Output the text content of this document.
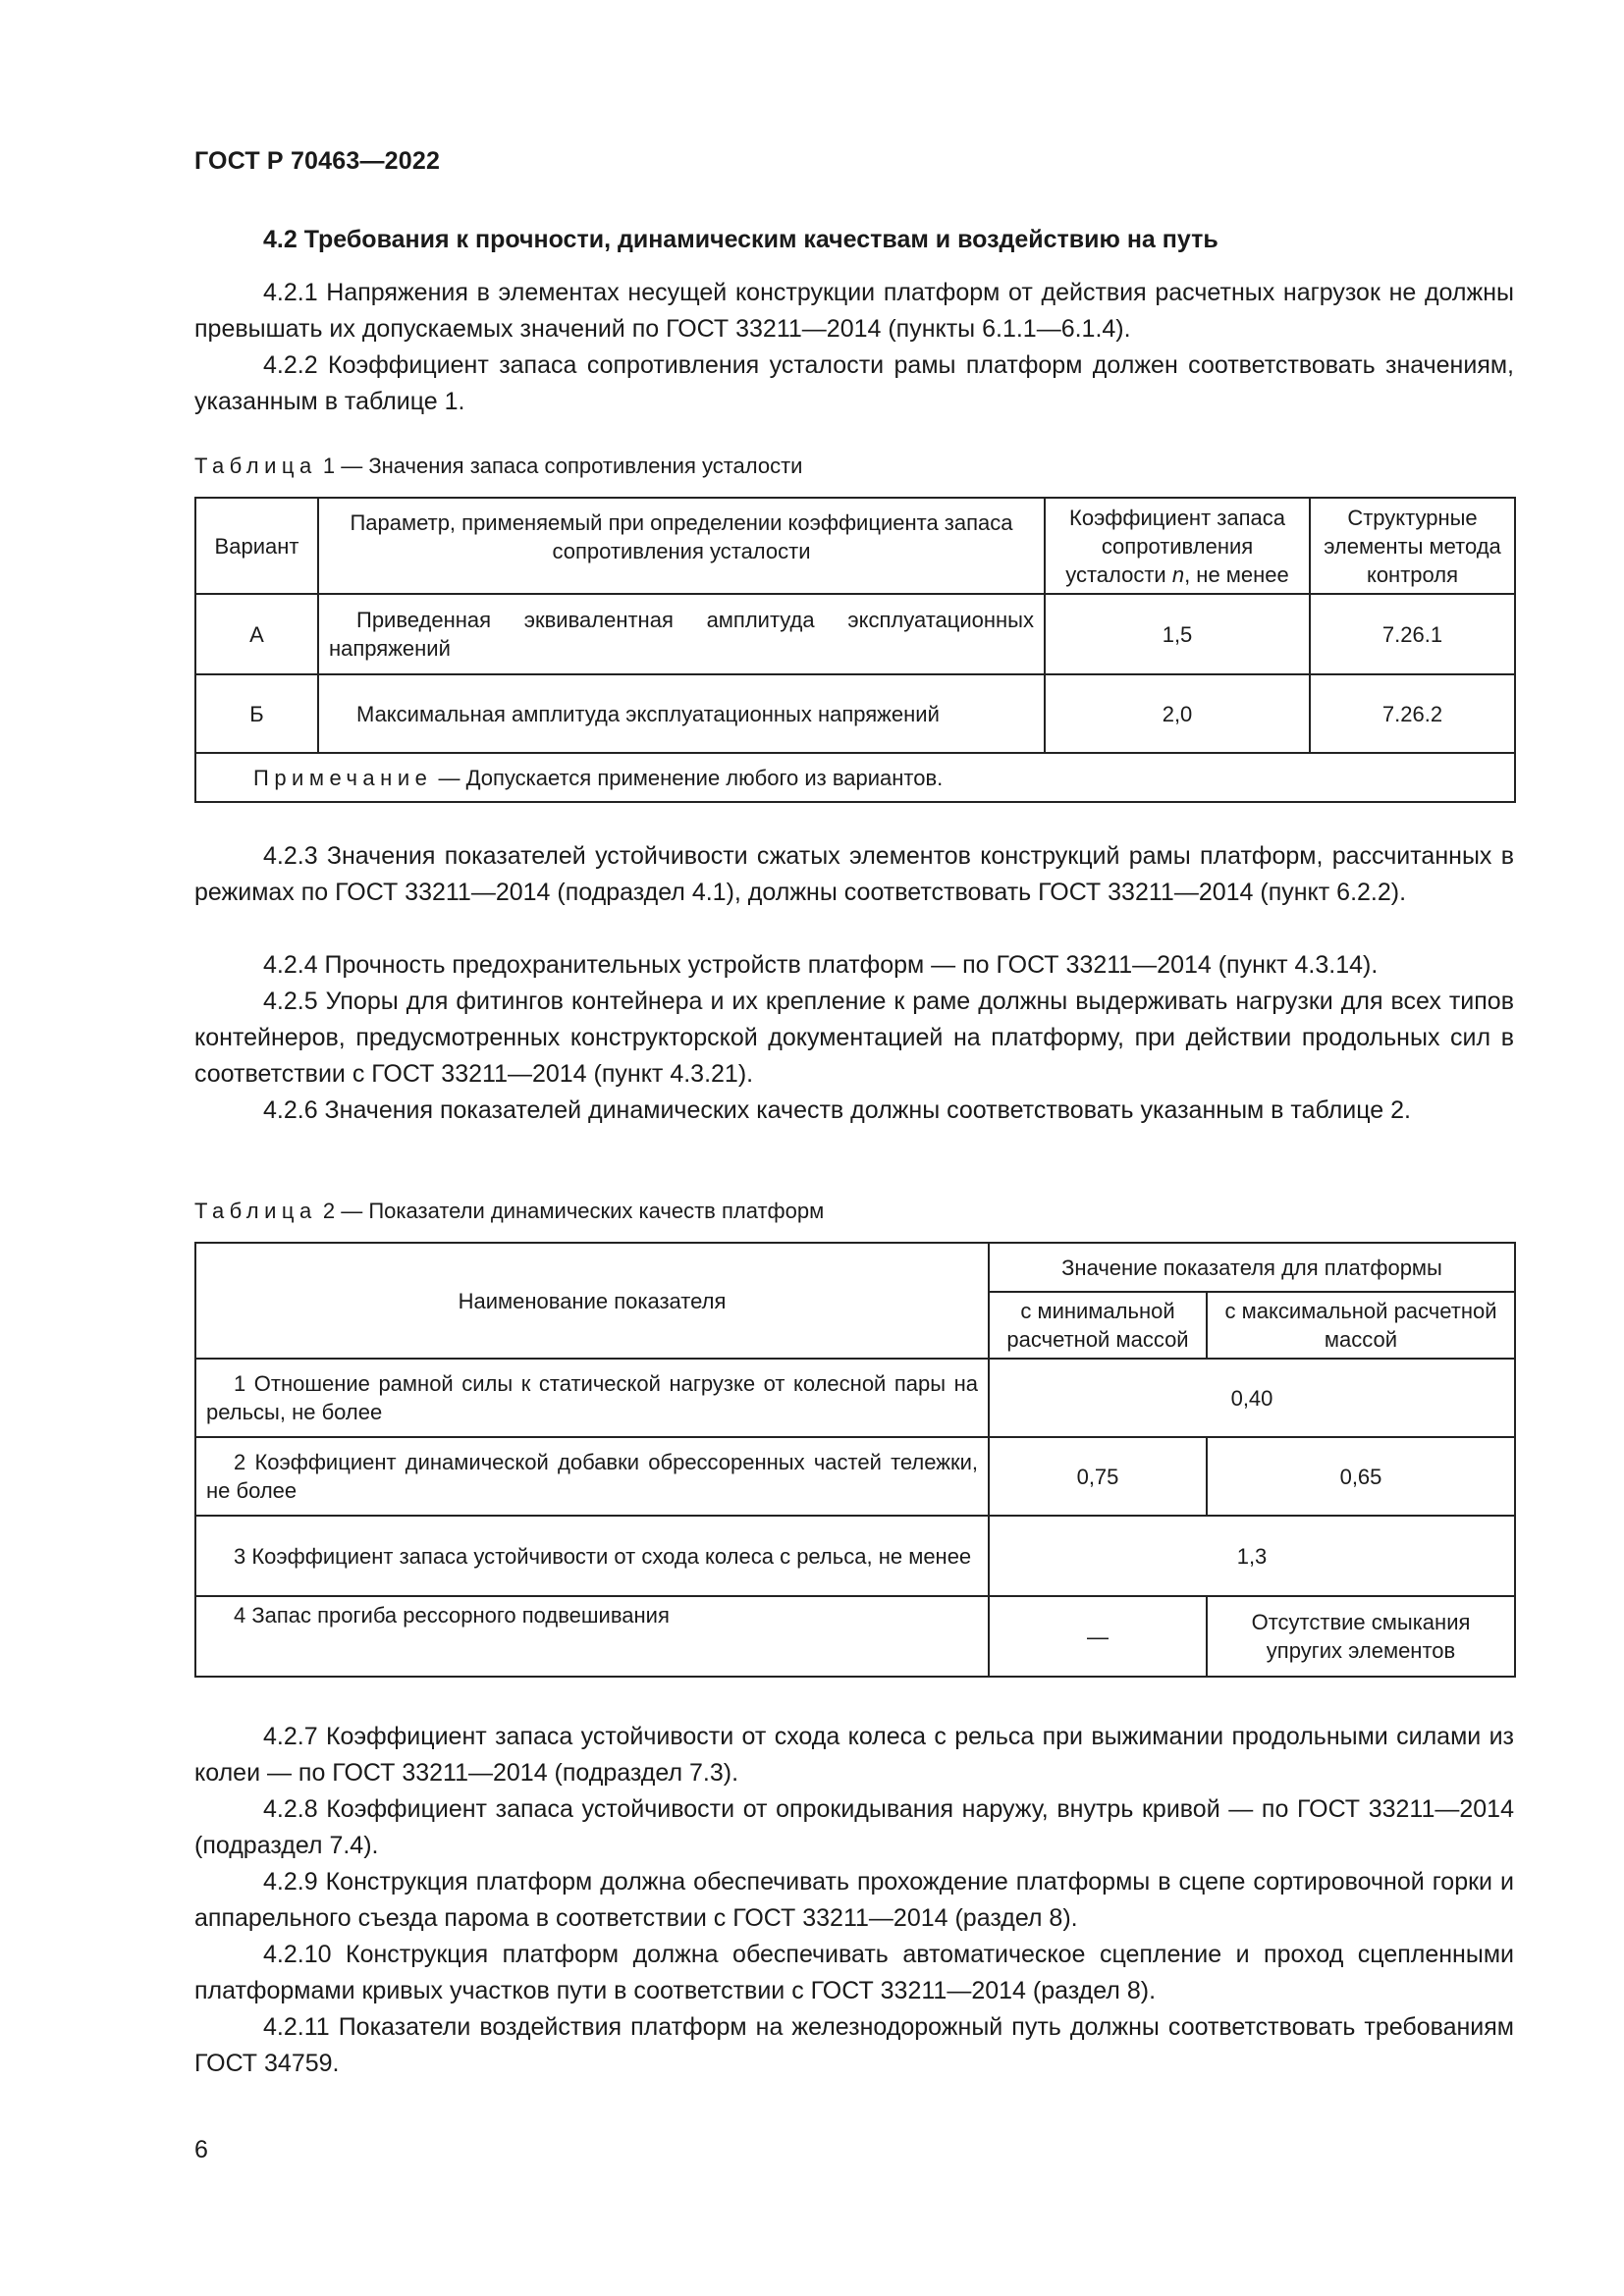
ГОСТ Р 70463—2022
4.2 Требования к прочности, динамическим качествам и воздействию на путь

4.2.1 Напряжения в элементах несущей конструкции платформ от действия расчетных нагрузок не должны превышать их допускаемых значений по ГОСТ 33211—2014 (пункты 6.1.1—6.1.4).

4.2.2 Коэффициент запаса сопротивления усталости рамы платформ должен соответствовать значениям, указанным в таблице 1.

Таблица 1 — Значения запаса сопротивления усталости
Вариант	Параметр, применяемый при определении коэффициента запаса сопротивления усталости	Коэффициент запаса сопротивления усталости n, не менее	Структурные элементы метода контроля
А	Приведенная эквивалентная амплитуда эксплуатационных напряжений	1,5	7.26.1
Б	Максимальная амплитуда эксплуатационных напряжений	2,0	7.26.2
Примечание — Допускается применение любого из вариантов.			

4.2.3 Значения показателей устойчивости сжатых элементов конструкций рамы платформ, рассчитанных в режимах по ГОСТ 33211—2014 (подраздел 4.1), должны соответствовать ГОСТ 33211—2014 (пункт 6.2.2).

4.2.4 Прочность предохранительных устройств платформ — по ГОСТ 33211—2014 (пункт 4.3.14).

4.2.5 Упоры для фитингов контейнера и их крепление к раме должны выдерживать нагрузки для всех типов контейнеров, предусмотренных конструкторской документацией на платформу, при действии продольных сил в соответствии с ГОСТ 33211—2014 (пункт 4.3.21).

4.2.6 Значения показателей динамических качеств должны соответствовать указанным в таблице 2.

Таблица 2 — Показатели динамических качеств платформ
Наименование показателя	Значение показателя для платформы	
	с минимальной расчетной массой	с максимальной расчетной массой
1 Отношение рамной силы к статической нагрузке от колесной пары на рельсы, не более	0,40	
2 Коэффициент динамической добавки обрессоренных частей тележки, не более	0,75	0,65
3 Коэффициент запаса устойчивости от схода колеса с рельса, не менее	1,3	
4 Запас прогиба рессорного подвешивания	—	Отсутствие смыкания упругих элементов

4.2.7 Коэффициент запаса устойчивости от схода колеса с рельса при выжимании продольными силами из колеи — по ГОСТ 33211—2014 (подраздел 7.3).

4.2.8 Коэффициент запаса устойчивости от опрокидывания наружу, внутрь кривой — по ГОСТ 33211—2014 (подраздел 7.4).

4.2.9 Конструкция платформ должна обеспечивать прохождение платформы в сцепе сортировочной горки и аппарельного съезда парома в соответствии с ГОСТ 33211—2014 (раздел 8).

4.2.10 Конструкция платформ должна обеспечивать автоматическое сцепление и проход сцепленными платформами кривых участков пути в соответствии с ГОСТ 33211—2014 (раздел 8).

4.2.11 Показатели воздействия платформ на железнодорожный путь должны соответствовать требованиям ГОСТ 34759.

6
